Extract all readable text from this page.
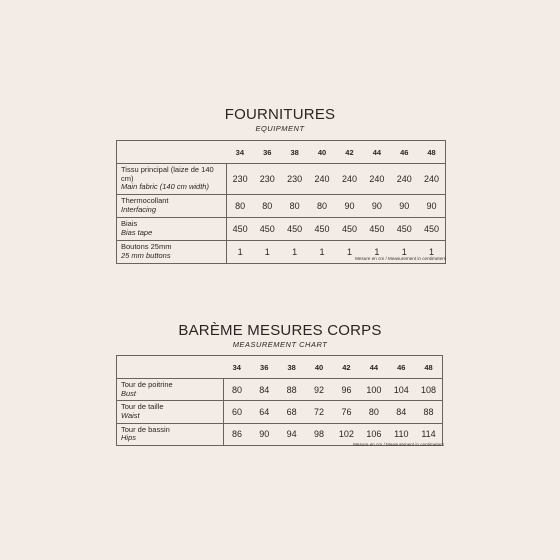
FOURNITURES
EQUIPMENT
	34	36	38	40	42	44	46	48
Tissu principal (laize de 140 cm)
Main fabric (140 cm width)	230	230	230	240	240	240	240	240
Thermocollant
Interfacing	80	80	80	80	90	90	90	90
Biais
Bias tape	450	450	450	450	450	450	450	450
Boutons 25mm
25 mm buttons	1	1	1	1	1	1	1	1
Mesure en cm / Measurement in centimeters
BARÈME MESURES CORPS
MEASUREMENT CHART
	34	36	38	40	42	44	46	48
Tour de poitrine
Bust	80	84	88	92	96	100	104	108
Tour de taille
Waist	60	64	68	72	76	80	84	88
Tour de bassin
Hips	86	90	94	98	102	106	110	114
Mesure en cm / Measurement in centimeters
